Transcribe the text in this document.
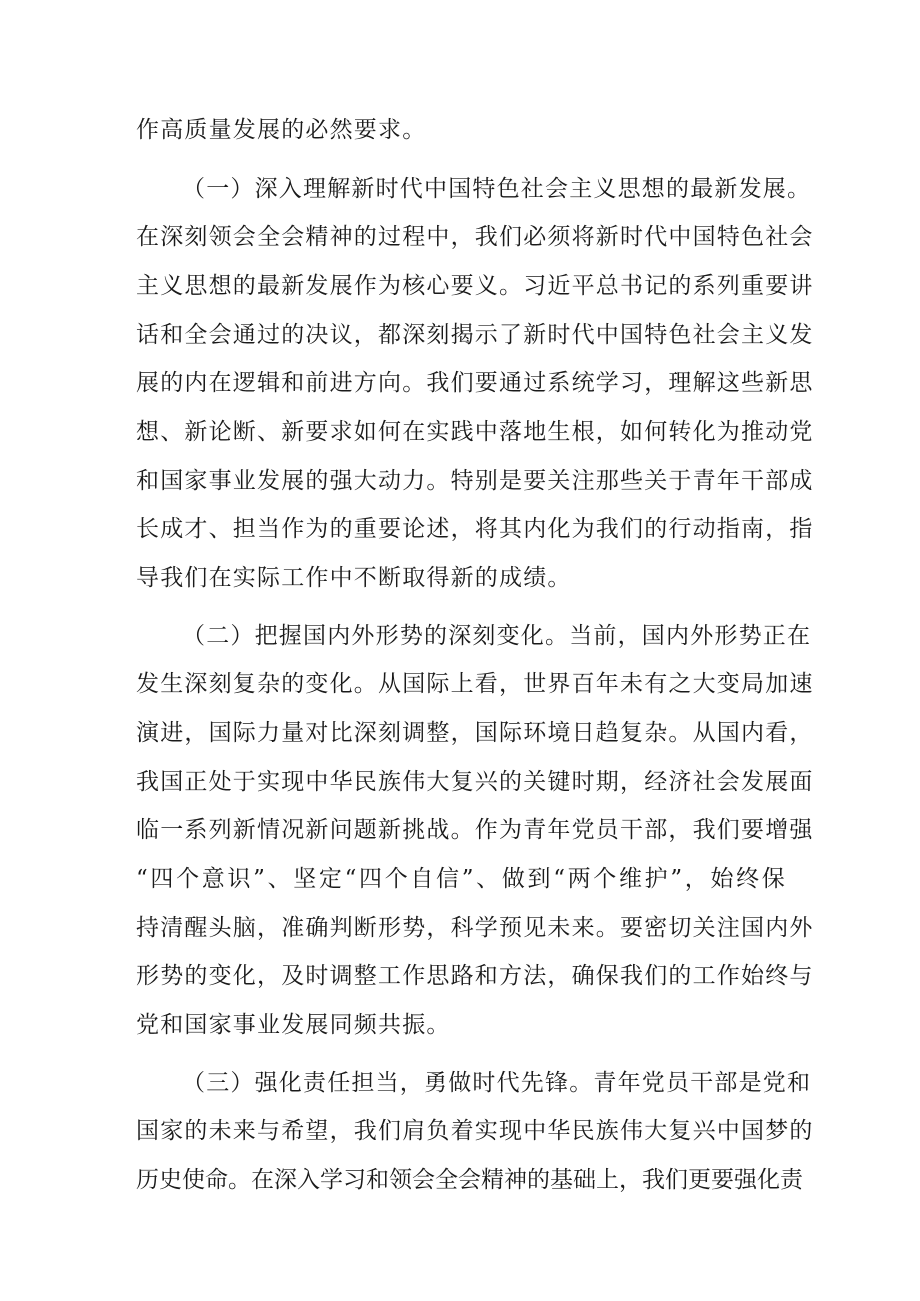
作高质量发展的必然要求。
（一）深入理解新时代中国特色社会主义思想的最新发展。
在深刻领会全会精神的过程中，我们必须将新时代中国特色社会
主义思想的最新发展作为核心要义。习近平总书记的系列重要讲
话和全会通过的决议，都深刻揭示了新时代中国特色社会主义发
展的内在逻辑和前进方向。我们要通过系统学习，理解这些新思
想、新论断、新要求如何在实践中落地生根，如何转化为推动党
和国家事业发展的强大动力。特别是要关注那些关于青年干部成
长成才、担当作为的重要论述，将其内化为我们的行动指南，指
导我们在实际工作中不断取得新的成绩。
（二）把握国内外形势的深刻变化。当前，国内外形势正在
发生深刻复杂的变化。从国际上看，世界百年未有之大变局加速
演进，国际力量对比深刻调整，国际环境日趋复杂。从国内看，
我国正处于实现中华民族伟大复兴的关键时期，经济社会发展面
临一系列新情况新问题新挑战。作为青年党员干部，我们要增强
“四个意识”、坚定“四个自信”、做到“两个维护”，始终保
持清醒头脑，准确判断形势，科学预见未来。要密切关注国内外
形势的变化，及时调整工作思路和方法，确保我们的工作始终与
党和国家事业发展同频共振。
（三）强化责任担当，勇做时代先锋。青年党员干部是党和
国家的未来与希望，我们肩负着实现中华民族伟大复兴中国梦的
历史使命。在深入学习和领会全会精神的基础上，我们更要强化责
